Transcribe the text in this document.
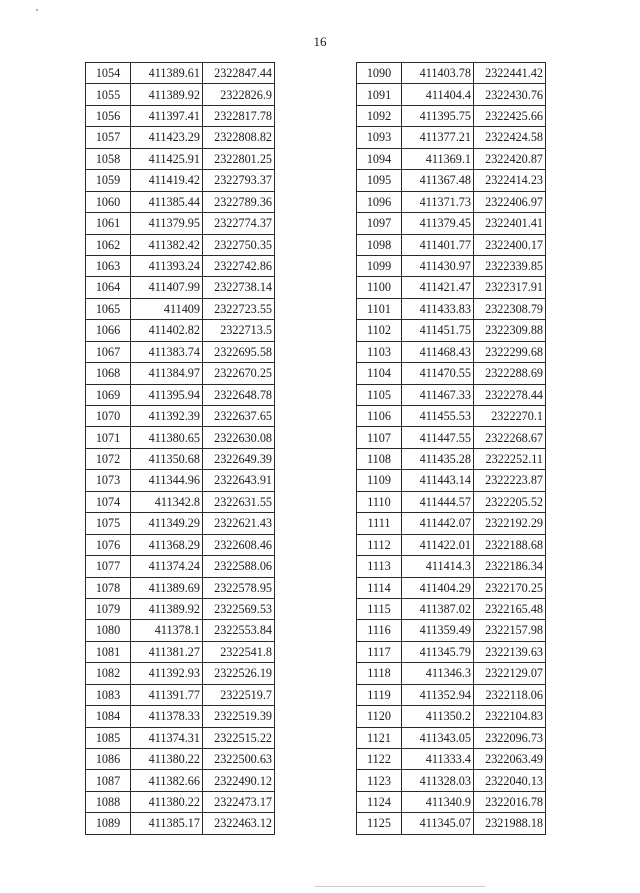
16
1054	411389.61	2322847.44
1055	411389.92	2322826.9
1056	411397.41	2322817.78
1057	411423.29	2322808.82
1058	411425.91	2322801.25
1059	411419.42	2322793.37
1060	411385.44	2322789.36
1061	411379.95	2322774.37
1062	411382.42	2322750.35
1063	411393.24	2322742.86
1064	411407.99	2322738.14
1065	411409	2322723.55
1066	411402.82	2322713.5
1067	411383.74	2322695.58
1068	411384.97	2322670.25
1069	411395.94	2322648.78
1070	411392.39	2322637.65
1071	411380.65	2322630.08
1072	411350.68	2322649.39
1073	411344.96	2322643.91
1074	411342.8	2322631.55
1075	411349.29	2322621.43
1076	411368.29	2322608.46
1077	411374.24	2322588.06
1078	411389.69	2322578.95
1079	411389.92	2322569.53
1080	411378.1	2322553.84
1081	411381.27	2322541.8
1082	411392.93	2322526.19
1083	411391.77	2322519.7
1084	411378.33	2322519.39
1085	411374.31	2322515.22
1086	411380.22	2322500.63
1087	411382.66	2322490.12
1088	411380.22	2322473.17
1089	411385.17	2322463.12
1090	411403.78	2322441.42
1091	411404.4	2322430.76
1092	411395.75	2322425.66
1093	411377.21	2322424.58
1094	411369.1	2322420.87
1095	411367.48	2322414.23
1096	411371.73	2322406.97
1097	411379.45	2322401.41
1098	411401.77	2322400.17
1099	411430.97	2322339.85
1100	411421.47	2322317.91
1101	411433.83	2322308.79
1102	411451.75	2322309.88
1103	411468.43	2322299.68
1104	411470.55	2322288.69
1105	411467.33	2322278.44
1106	411455.53	2322270.1
1107	411447.55	2322268.67
1108	411435.28	2322252.11
1109	411443.14	2322223.87
1110	411444.57	2322205.52
1111	411442.07	2322192.29
1112	411422.01	2322188.68
1113	411414.3	2322186.34
1114	411404.29	2322170.25
1115	411387.02	2322165.48
1116	411359.49	2322157.98
1117	411345.79	2322139.63
1118	411346.3	2322129.07
1119	411352.94	2322118.06
1120	411350.2	2322104.83
1121	411343.05	2322096.73
1122	411333.4	2322063.49
1123	411328.03	2322040.13
1124	411340.9	2322016.78
1125	411345.07	2321988.18
